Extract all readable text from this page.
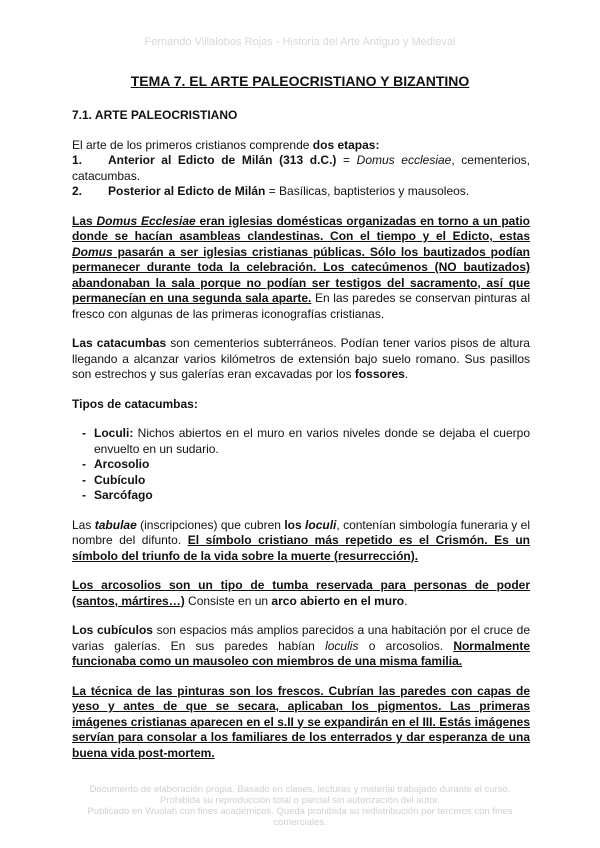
Fernando Villalobos Rojas - Historia del Arte Antiguo y Medieval
TEMA 7. EL ARTE PALEOCRISTIANO Y BIZANTINO

7.1. ARTE PALEOCRISTIANO

El arte de los primeros cristianos comprende dos etapas:

1. Anterior al Edicto de Milán (313 d.C.) = Domus ecclesiae, cementerios, catacumbas.

2. Posterior al Edicto de Milán = Basílicas, baptisterios y mausoleos.

Las Domus Ecclesiae eran iglesias domésticas organizadas en torno a un patio donde se hacían asambleas clandestinas. Con el tiempo y el Edicto, estas Domus pasarán a ser iglesias cristianas públicas. Sólo los bautizados podían permanecer durante toda la celebración. Los catecúmenos (NO bautizados) abandonaban la sala porque no podían ser testigos del sacramento, así que permanecían en una segunda sala aparte. En las paredes se conservan pinturas al fresco con algunas de las primeras iconografías cristianas.

Las catacumbas son cementerios subterráneos. Podían tener varios pisos de altura llegando a alcanzar varios kilómetros de extensión bajo suelo romano. Sus pasillos son estrechos y sus galerías eran excavadas por los fossores.

Tipos de catacumbas:

- Loculi: Nichos abiertos en el muro en varios niveles donde se dejaba el cuerpo envuelto en un sudario.
- Arcosolio
- Cubículo
- Sarcófago

Las tabulae (inscripciones) que cubren los loculi, contenían simbología funeraria y el nombre del difunto. El símbolo cristiano más repetido es el Crismón. Es un símbolo del triunfo de la vida sobre la muerte (resurrección).

Los arcosolios son un tipo de tumba reservada para personas de poder (santos, mártires…) Consiste en un arco abierto en el muro.

Los cubículos son espacios más amplios parecidos a una habitación por el cruce de varias galerías. En sus paredes habían loculis o arcosolios. Normalmente funcionaba como un mausoleo con miembros de una misma familia.

La técnica de las pinturas son los frescos. Cubrían las paredes con capas de yeso y antes de que se secara, aplicaban los pigmentos. Las primeras imágenes cristianas aparecen en el s.II y se expandirán en el III. Estás imágenes servían para consolar a los familiares de los enterrados y dar esperanza de una buena vida post-mortem.

Documento de elaboración propia. Basado en clases, lecturas y material trabajado durante el curso.
Prohibida su reproducción total o parcial sin autorización del autor.
Publicado en Wuolah con fines académicos. Queda prohibida su redistribución por terceros con fines comerciales.
